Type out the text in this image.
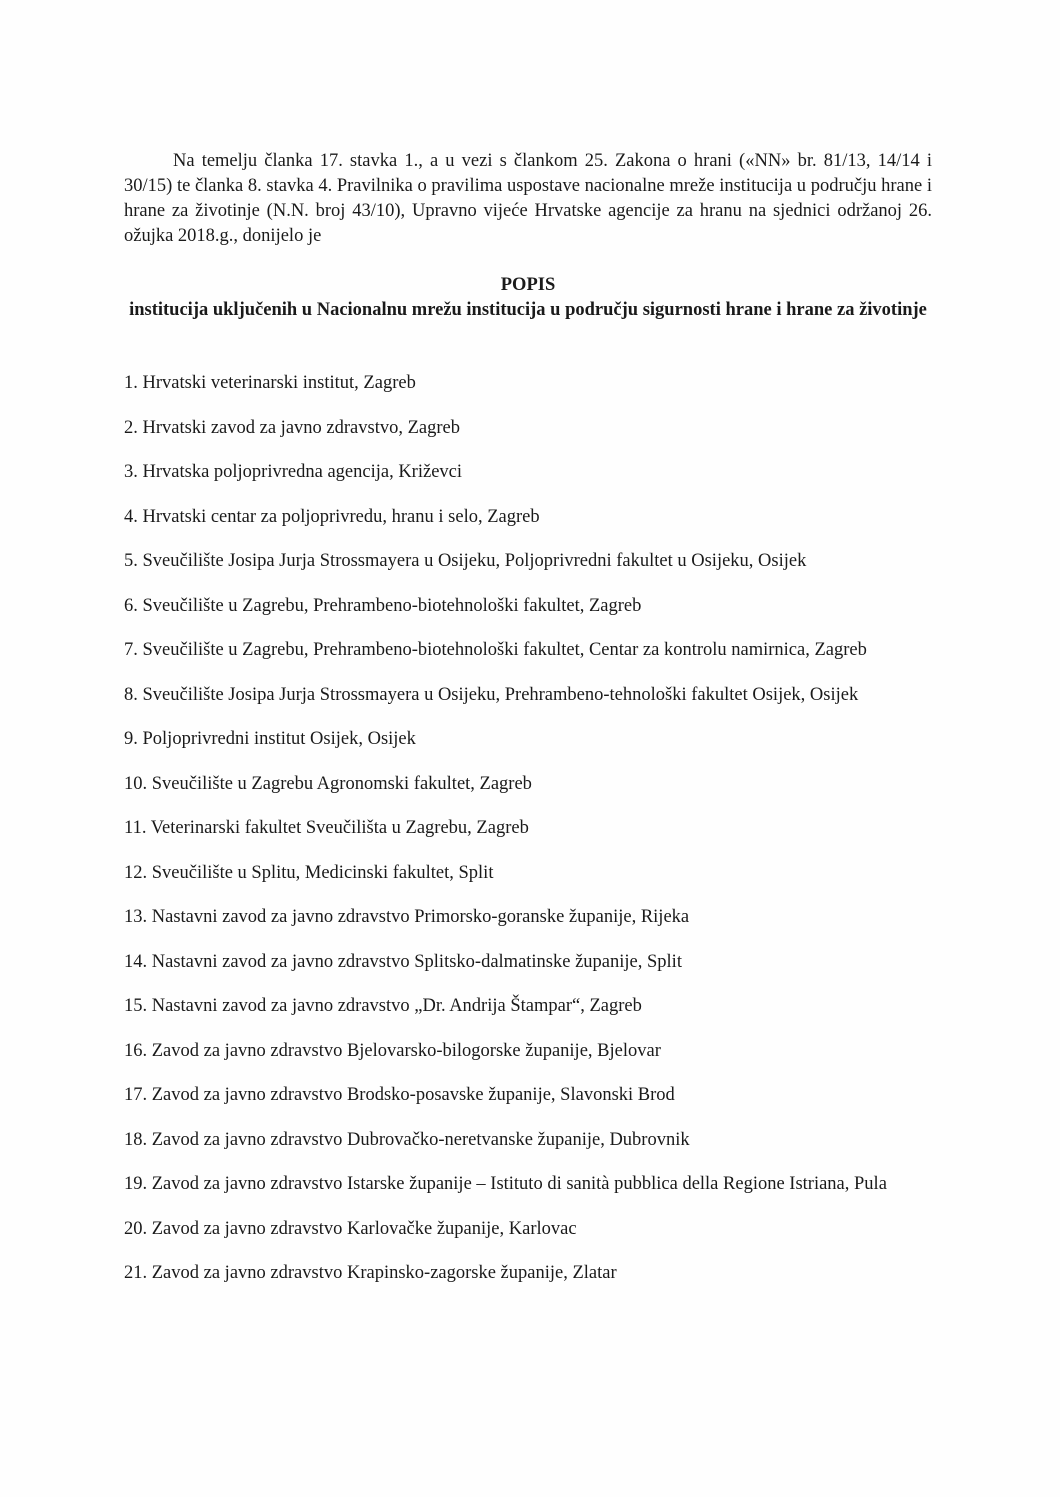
Na temelju članka 17. stavka 1., a u vezi s člankom 25. Zakona o hrani («NN» br. 81/13, 14/14 i 30/15) te članka 8. stavka 4. Pravilnika o pravilima uspostave nacionalne mreže institucija u području hrane i hrane za životinje (N.N. broj 43/10), Upravno vijeće Hrvatske agencije za hranu na sjednici održanoj 26. ožujka 2018.g., donijelo je

POPIS

institucija uključenih u Nacionalnu mrežu institucija u području sigurnosti hrane i hrane za životinje

1. Hrvatski veterinarski institut, Zagreb
2. Hrvatski zavod za javno zdravstvo, Zagreb
3. Hrvatska poljoprivredna agencija, Križevci
4. Hrvatski centar za poljoprivredu, hranu i selo, Zagreb
5. Sveučilište Josipa Jurja Strossmayera u Osijeku, Poljoprivredni fakultet u Osijeku, Osijek
6. Sveučilište u Zagrebu, Prehrambeno-biotehnološki fakultet, Zagreb
7. Sveučilište u Zagrebu, Prehrambeno-biotehnološki fakultet, Centar za kontrolu namirnica, Zagreb
8. Sveučilište Josipa Jurja Strossmayera u Osijeku, Prehrambeno-tehnološki fakultet Osijek, Osijek
9. Poljoprivredni institut Osijek, Osijek
10. Sveučilište u Zagrebu Agronomski fakultet, Zagreb
11. Veterinarski fakultet Sveučilišta u Zagrebu, Zagreb
12. Sveučilište u Splitu, Medicinski fakultet, Split
13. Nastavni zavod za javno zdravstvo Primorsko-goranske županije, Rijeka
14. Nastavni zavod za javno zdravstvo Splitsko-dalmatinske županije, Split
15. Nastavni zavod za javno zdravstvo „Dr. Andrija Štampar“, Zagreb
16. Zavod za javno zdravstvo Bjelovarsko-bilogorske županije, Bjelovar
17. Zavod za javno zdravstvo Brodsko-posavske županije, Slavonski Brod
18. Zavod za javno zdravstvo Dubrovačko-neretvanske županije, Dubrovnik
19. Zavod za javno zdravstvo Istarske županije – Istituto di sanità pubblica della Regione Istriana, Pula
20. Zavod za javno zdravstvo Karlovačke županije, Karlovac
21. Zavod za javno zdravstvo Krapinsko-zagorske županije, Zlatar
